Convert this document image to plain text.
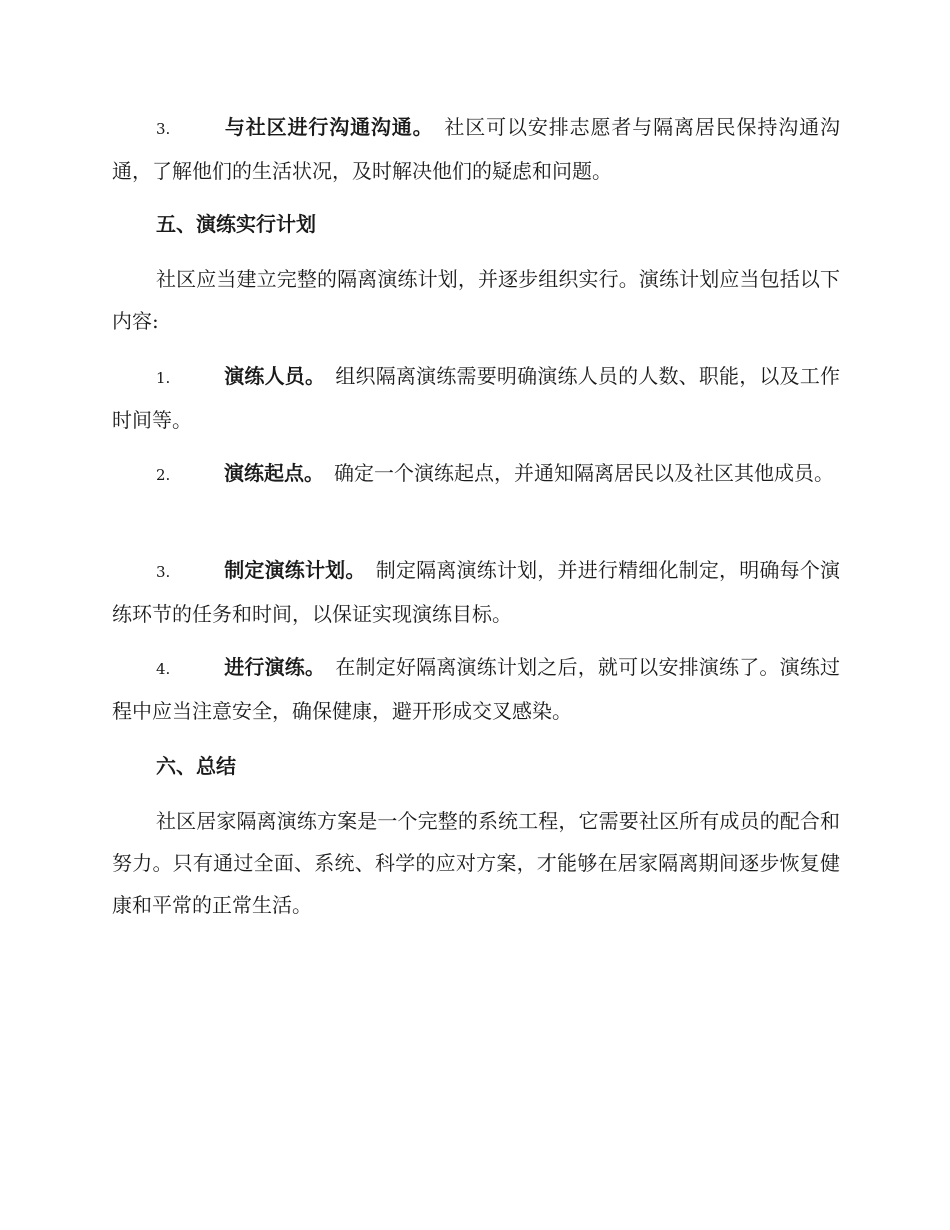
3.	与社区进行沟通沟通。 社区可以安排志愿者与隔离居民保持沟通沟通，了解他们的生活状况，及时解决他们的疑虑和问题。
五、演练实行计划
社区应当建立完整的隔离演练计划，并逐步组织实行。演练计划应当包括以下内容:
1.	演练人员。 组织隔离演练需要明确演练人员的人数、职能，以及工作时间等。
2.	演练起点。 确定一个演练起点，并通知隔离居民以及社区其他成员。
3.	制定演练计划。 制定隔离演练计划，并进行精细化制定，明确每个演练环节的任务和时间，以保证实现演练目标。
4.	进行演练。 在制定好隔离演练计划之后，就可以安排演练了。演练过程中应当注意安全，确保健康，避开形成交叉感染。
六、总结
社区居家隔离演练方案是一个完整的系统工程，它需要社区所有成员的配合和努力。只有通过全面、系统、科学的应对方案，才能够在居家隔离期间逐步恢复健康和平常的正常生活。
